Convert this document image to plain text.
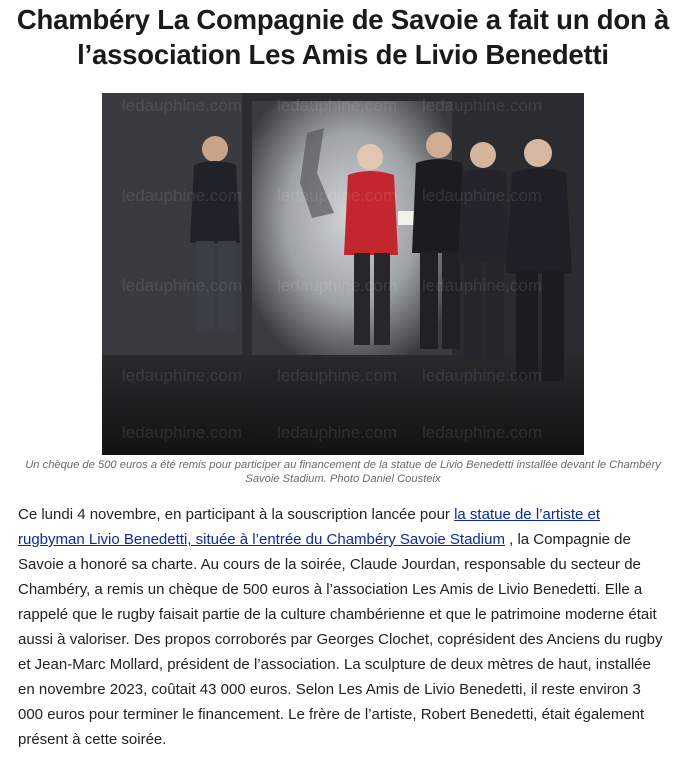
Chambéry La Compagnie de Savoie a fait un don à l’association Les Amis de Livio Benedetti
ledauphine.com ledauphine.com ledauphine.com
ledauphine.com ledauphine.com ledauphine.com
ledauphine.com ledauphine.com ledauphine.com
ledauphine.com ledauphine.com ledauphine.com
ledauphine.com ledauphine.com ledauphine.com

Un chèque de 500 euros a été remis pour participer au financement de la statue de Livio Benedetti installée devant le Chambéry Savoie Stadium. Photo Daniel Cousteix

Ce lundi 4 novembre, en participant à la souscription lancée pour la statue de l’artiste et rugbyman Livio Benedetti, située à l’entrée du Chambéry Savoie Stadium , la Compagnie de Savoie a honoré sa charte. Au cours de la soirée, Claude Jourdan, responsable du secteur de Chambéry, a remis un chèque de 500 euros à l’association Les Amis de Livio Benedetti. Elle a rappelé que le rugby faisait partie de la culture chambérienne et que le patrimoine moderne était aussi à valoriser. Des propos corroborés par Georges Clochet, coprésident des Anciens du rugby et Jean-Marc Mollard, président de l’association. La sculpture de deux mètres de haut, installée en novembre 2023, coûtait 43 000 euros. Selon Les Amis de Livio Benedetti, il reste environ 3 000 euros pour terminer le financement. Le frère de l’artiste, Robert Benedetti, était également présent à cette soirée.
